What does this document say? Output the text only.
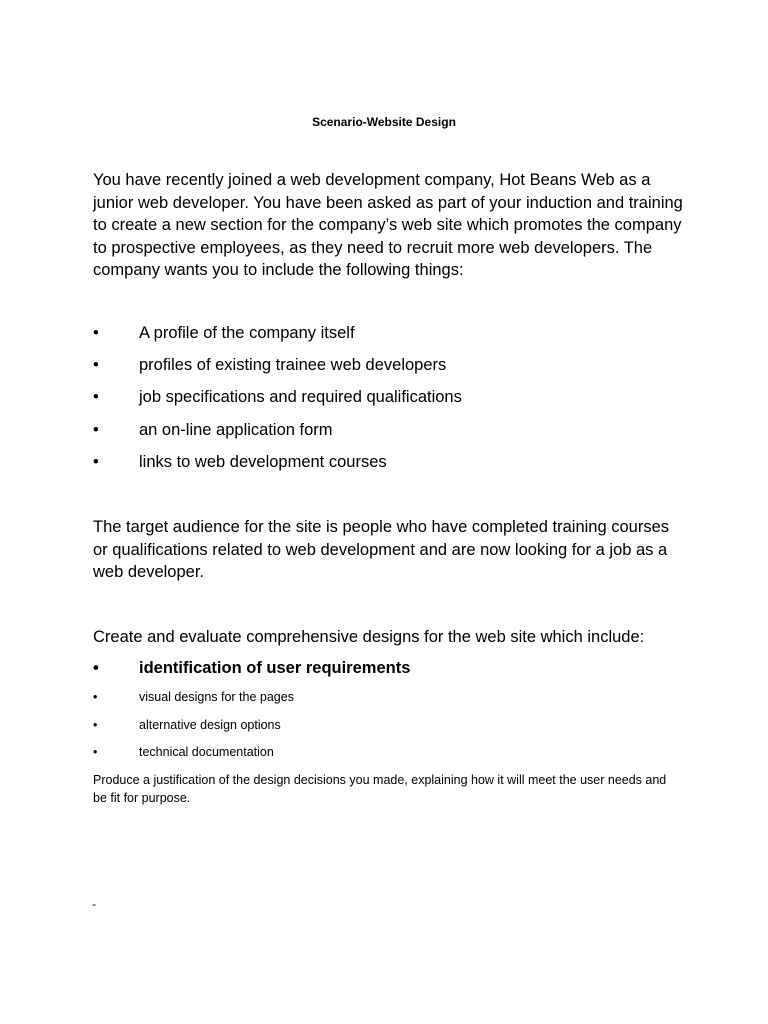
Scenario-Website Design
You have recently joined a web development company, Hot Beans Web as a junior web developer. You have been asked as part of your induction and training to create a new section for the company’s web site which promotes the company to prospective employees, as they need to recruit more web developers. The company wants you to include the following things:
• A profile of the company itself
• profiles of existing trainee web developers
• job specifications and required qualifications
• an on-line application form
• links to web development courses
The target audience for the site is people who have completed training courses or qualifications related to web development and are now looking for a job as a web developer.
Create and evaluate comprehensive designs for the web site which include:
• identification of user requirements
•	visual designs for the pages
•	alternative design options
•	technical documentation
Produce a justification of the design decisions you made, explaining how it will meet the user needs and be fit for purpose.
-
